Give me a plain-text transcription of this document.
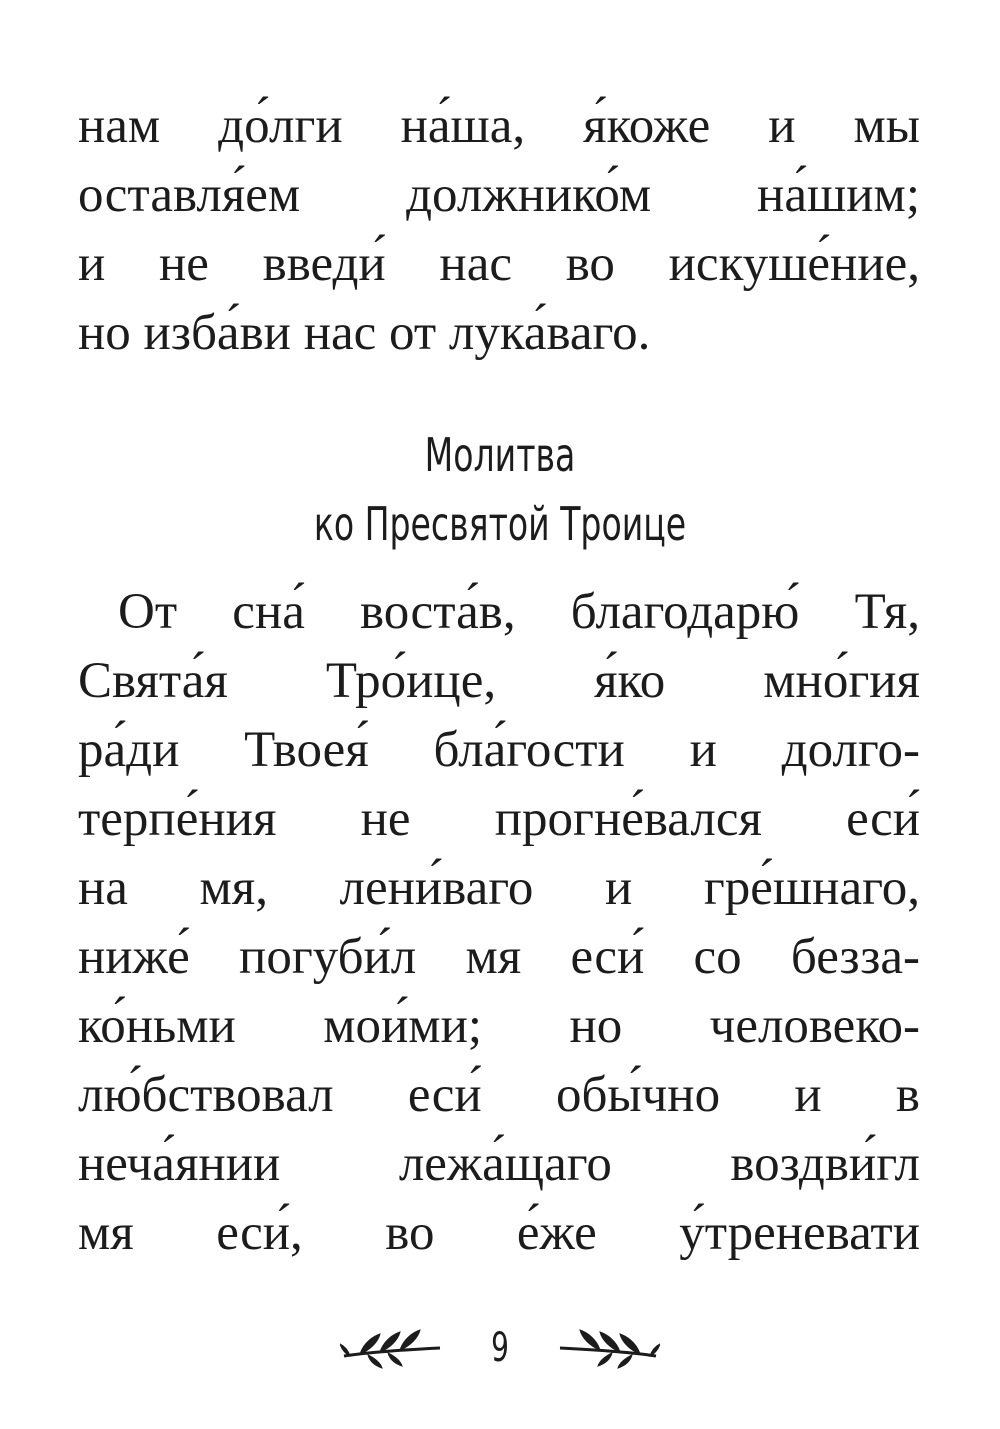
нам до́лги на́ша, я́коже и мы
оставля́ем должнико́м на́шим;
и не введи́ нас во искуше́ние,
но изба́ви нас от лука́ваго.
Молитва
ко Пресвятой Троице
От сна́ воста́в, благодарю́ Тя,
Свята́я Тро́ице, я́ко мно́гия
ра́ди Твоея́ бла́гости и долго-
терпе́ния не прогне́вался еси́
на мя, лени́ваго и гре́шнаго,
ниже́ погуби́л мя еси́ со безза-
ко́ньми мои́ми; но человеко-
лю́бствовал еси́ обы́чно и в
неча́янии лежа́щаго воздви́гл
мя еси́, во е́же у́треневати
9
